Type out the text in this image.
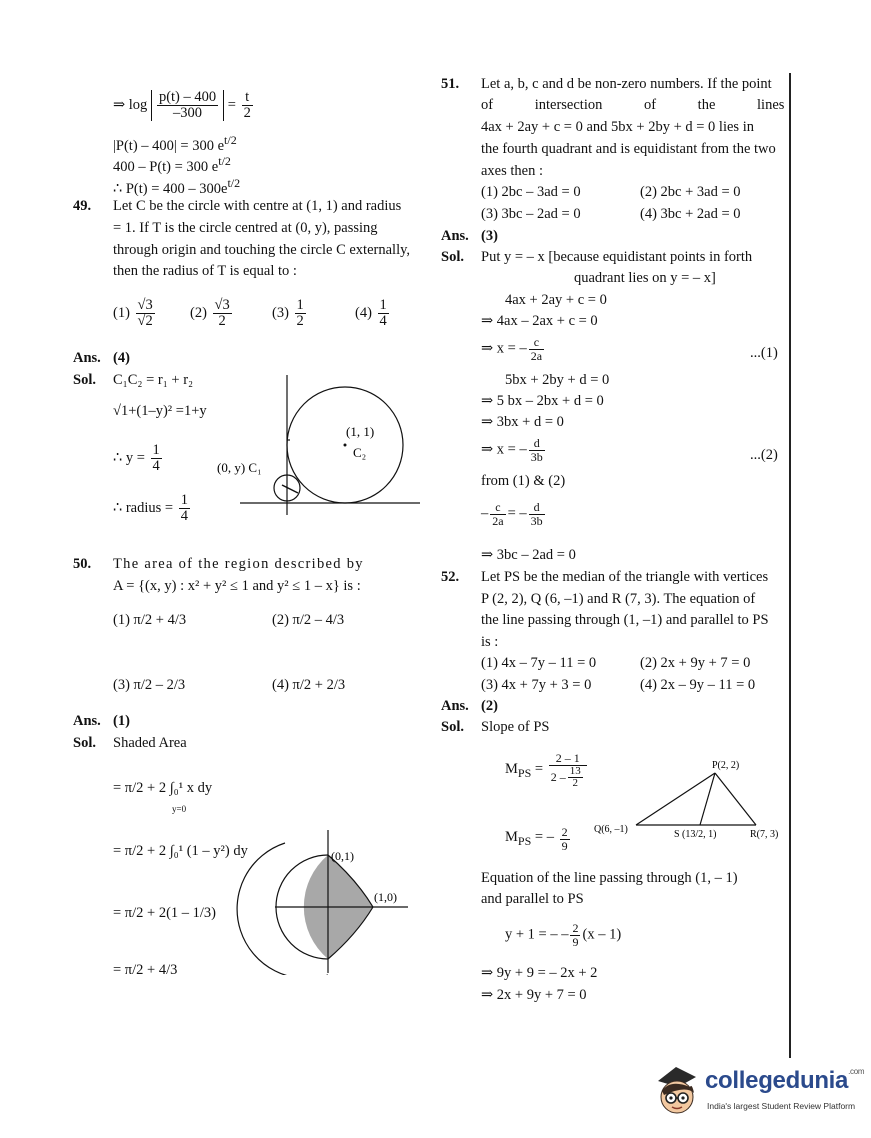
⇒ $\log \frac{p(t) - 400}{-300} = \frac{t}{2}$
|P(t) – 400| = 300 $e^{t/2}$
400 – P(t) = 300 $e^{t/2}$
∴ $P(t) = 400 - 300e^{t/2}$
49. Let C be the circle with centre at (1, 1) and radius
= 1. If T is the circle centred at (0, y), passing
through origin and touching the circle C externally,
then the radius of T is equal to :
$(1) \frac{√3}{√2} (2) \frac{√3}{2}$	$(3) \frac{1}{2}$	$(4) \frac{1}{4}$
Ans. (4)
Sol. C₁C₂ = r₁ + r₂
√1+(1–y)² =1+y
∴ $y = \frac{1}{4}$
∴ radius = $\frac{1}{4}$
(1, 1)
C₂
(0, y) C₁
50. The area of the region described by
A = {(x, y) : x² + y² ≤ 1 and y² ≤ 1 – x} is :
(1) π/2 + 4/3	(2) π/2 – 4/3
(3) π/2 – 2/3	(4) π/2 + 2/3
Ans. (1)
Sol. Shaded Area
= π/2 + 2 ∫₀¹ x dy
y=0
= π/2 + 2 ∫₀¹ (1 – y²) dy
= π/2 + 2(1 – 1/3)
= π/2 + 4/3
(0,1)
(1,0)
51. Let a, b, c and d be non-zero numbers. If the point
of intersection of the lines
4ax + 2ay + c = 0 and 5bx + 2by + d = 0 lies in
the fourth quadrant and is equidistant from the two
axes then :
(1) 2bc – 3ad = 0	(2) 2bc + 3ad = 0
(3) 3bc – 2ad = 0	(4) 3bc + 2ad = 0
Ans. (3)
Sol. Put y = – x [because equidistant points in forth
quadrant lies on y = – x]
4ax + 2ay + c = 0
⇒ 4ax – 2ax + c = 0
⇒ x = – $\frac{c}{2a}$	...(1)
5bx + 2by + d = 0
⇒ 5 bx – 2bx + d = 0
⇒ 3bx + d = 0
⇒ x = – $\frac{d}{3b}$	...(2)
from (1) & (2)
– $\frac{c}{2a}$ = – $\frac{d}{3b}$
⇒ 3bc – 2ad = 0
52. Let PS be the median of the triangle with vertices
P (2, 2), Q (6, –1) and R (7, 3). The equation of
the line passing through (1, –1) and parallel to PS
is :
(1) 4x – 7y – 11 = 0	(2) 2x + 9y + 7 = 0
(3) 4x + 7y + 3 = 0	(4) 2x – 9y – 11 = 0
Ans. (2)
Sol. Slope of PS
$M_{PS} = \frac{2 - 1}{2 - \frac{13}{2}}$
$M_{PS}$ = – $\frac{2}{9}$
P(2, 2)
Q(6, –1)	S (13/2, 1)	R(7, 3)
Equation of the line passing through (1, – 1)
and parallel to PS
y + 1 = – – $\frac{2}{9} (x - 1)$
⇒ 9y + 9 = – 2x + 2
⇒ 2x + 9y + 7 = 0
collegedunia$^{.com}$
India's largest Student Review Platform
